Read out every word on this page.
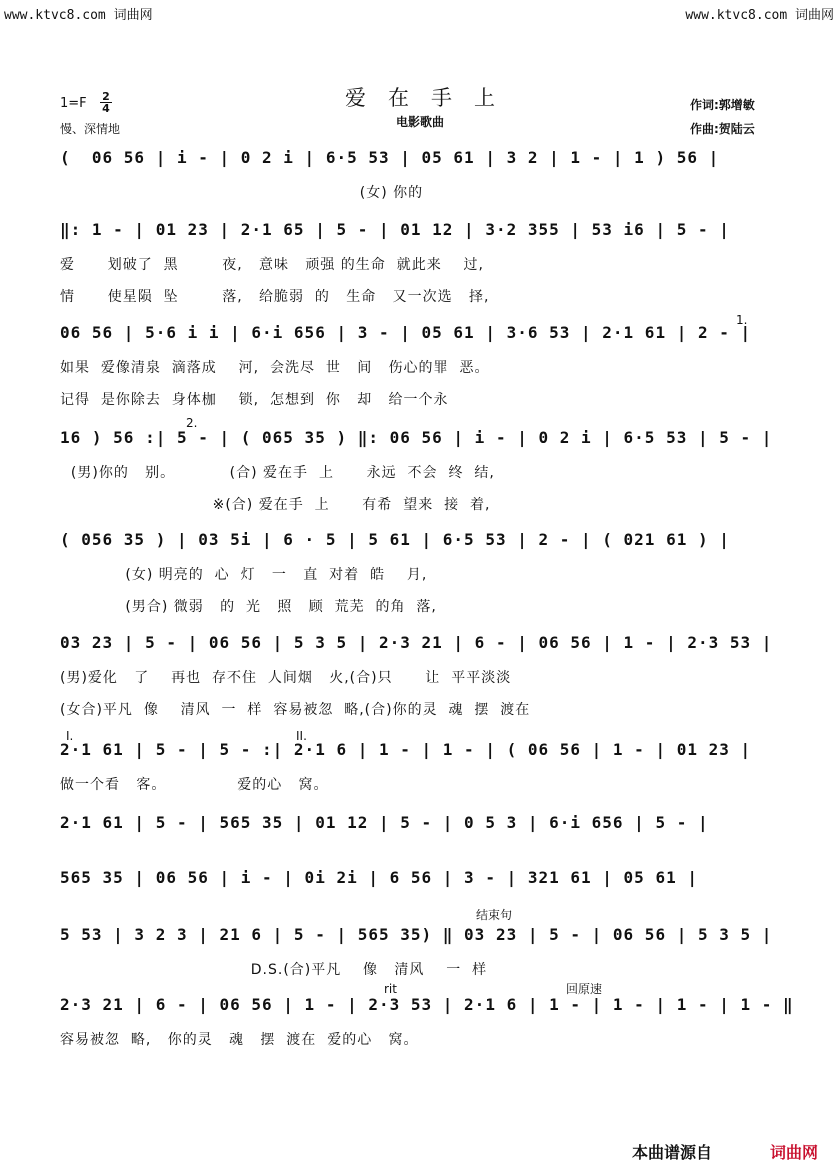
www.ktvc8.com 词曲网	www.ktvc8.com 词曲网
爱在手上
电影歌曲
1=F 2
4
慢、深情地
作词:郭增敏
作曲:贺陆云
(  06 56 | i - | 0 2 i | 6·5 53 | 05 61 | 3 2 | 1 - | 1 ) 56 |
(女) 你的
‖: 1 - | 01 23 | 2·1 65 | 5 - | 01 12 | 3·2 355 | 53 i6 | 5 - |
爱      划破了  黑        夜,   意味   顽强 的生命  就此来    过,
情      使星陨  坠        落,   给脆弱  的   生命   又一次选   择,
06 56 | 5·6 i i | 6·i 656 | 3 - | 05 61 | 3·6 53 | 2·1 61 | 2 - |
如果  爱像清泉  滴落成    河,  会洗尽  世   间   伤心的罪  恶。
记得  是你除去  身体枷    锁,  怎想到  你   却   给一个永
16 ) 56 :| 5 - | ( 065 35 ) ‖: 06 56 | i - | 0 2 i | 6·5 53 | 5 - |
(男)你的   别。          (合) 爱在手  上      永远  不会  终  结,
※(合) 爱在手  上      有希  望来  接  着,
( 056 35 ) | 03 5i | 6 · 5 | 5 61 | 6·5 53 | 2 - | ( 021 61 ) |
(女) 明亮的  心  灯   一   直  对着  皓    月,
(男合) 微弱   的  光   照   顾  荒芜  的角  落,
03 23 | 5 - | 06 56 | 5 3 5 | 2·3 21 | 6 - | 06 56 | 1 - | 2·3 53 |
(男)爱化   了    再也  存不住  人间烟   火,(合)只      让  平平淡淡
(女合)平凡  像    清风  一  样  容易被忽  略,(合)你的灵  魂  摆  渡在
2·1 61 | 5 - | 5 - :| 2·1 6 | 1 - | 1 - | ( 06 56 | 1 - | 01 23 |
做一个看   客。             爱的心   窝。
2·1 61 | 5 - | 565 35 | 01 12 | 5 - | 0 5 3 | 6·i 656 | 5 - |
565 35 | 06 56 | i - | 0i 2i | 6 56 | 3 - | 321 61 | 05 61 |
5 53 | 3 2 3 | 21 6 | 5 - | 565 35) ‖ 03 23 | 5 - | 06 56 | 5 3 5 |
D.S.(合)平凡    像   清风    一  样
2·3 21 | 6 - | 06 56 | 1 - | 2·3 53 | 2·1 6 | 1 - | 1 - | 1 - | 1 - ‖
容易被忽  略,   你的灵   魂   摆  渡在  爱的心   窝。
1.
2.
I.	II.
结束句
rit	回原速
本曲谱源自	词曲网
